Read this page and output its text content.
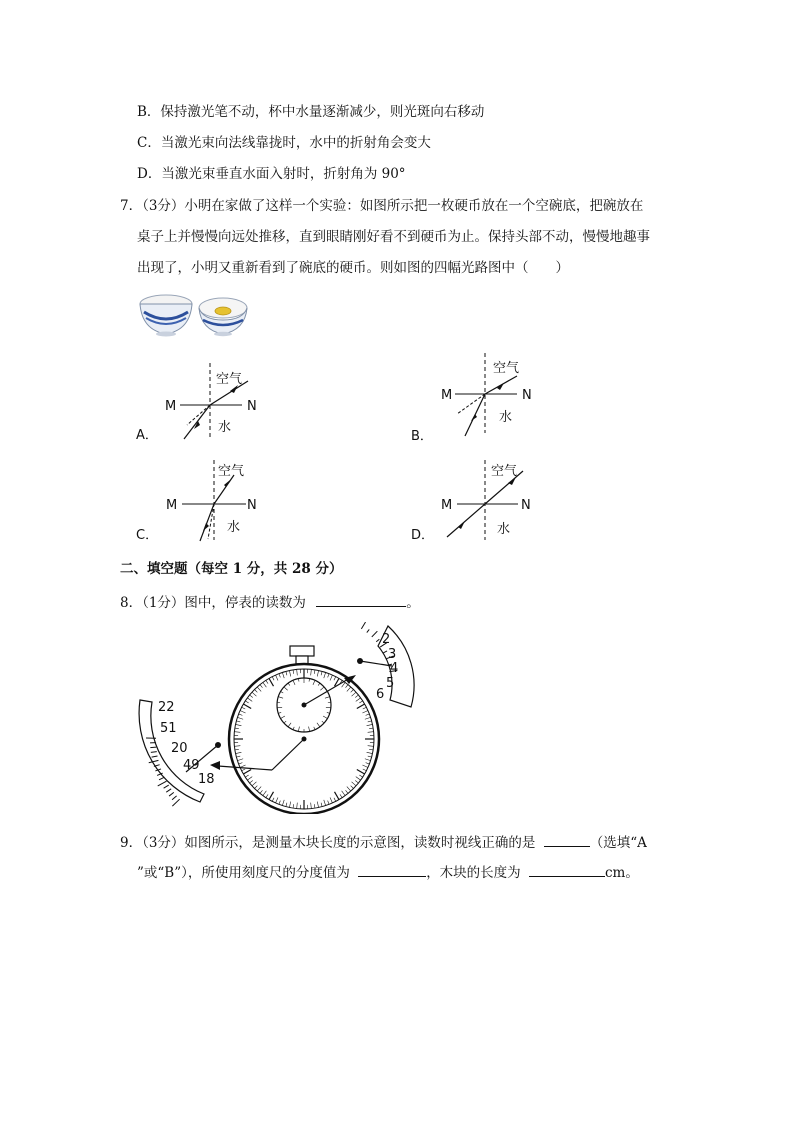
B．保持激光笔不动，杯中水量逐渐减少，则光斑向右移动
C．当激光束向法线靠拢时，水中的折射角会变大
D．当激光束垂直水面入射时，折射角为 90°
7．（3分）小明在家做了这样一个实验：如图所示把一枚硬币放在一个空碗底，把碗放在
桌子上并慢慢向远处推移，直到眼睛刚好看不到硬币为止。保持头部不动，慢慢地趣事
出现了，小明又重新看到了碗底的硬币。则如图的四幅光路图中（　　）
空气
M	N
水
A．
空气
M	N
水
B．
空气
M	N
水
C．
空气
M	N
水
D．
二、填空题（每空 1 分，共 28 分）
8．（1分）图中，停表的读数为	。
2
3
4
5
6
22
51
20
49
18
9．（3分）如图所示，是测量木块长度的示意图，读数时视线正确的是	（选填“A
”或“B”），所使用刻度尺的分度值为	，木块的长度为	cm。
